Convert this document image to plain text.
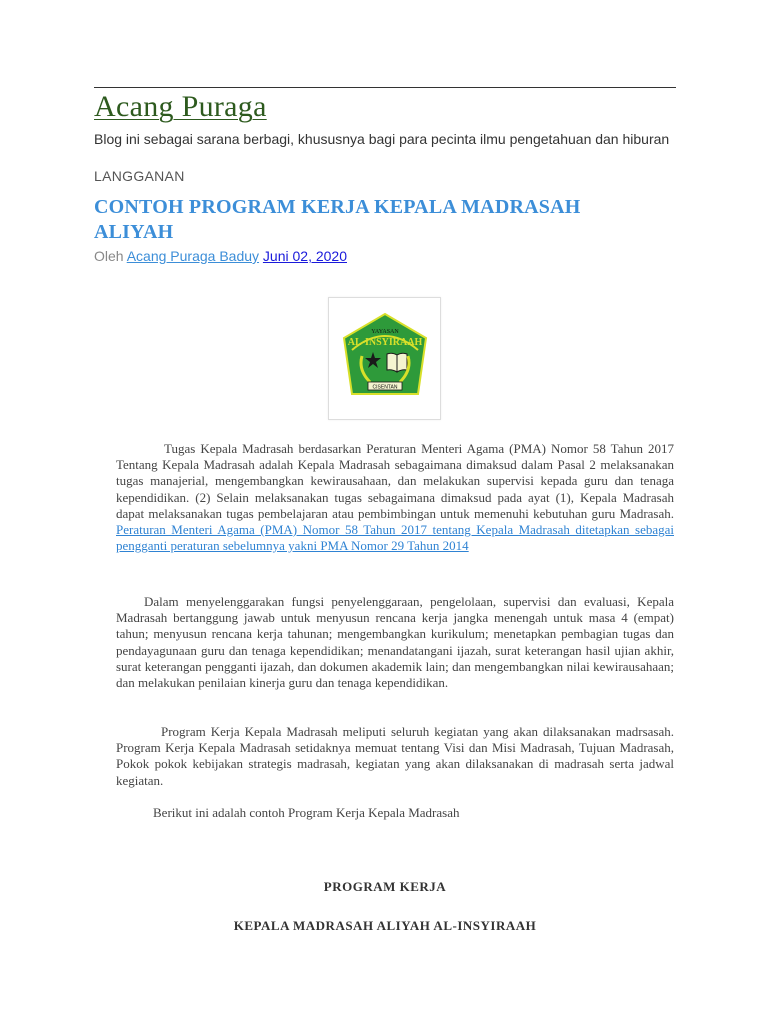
Acang Puraga
Blog ini sebagai sarana berbagi, khususnya bagi para pecinta ilmu pengetahuan dan hiburan
LANGGANAN
CONTOH PROGRAM KERJA KEPALA MADRASAH ALIYAH
Oleh Acang Puraga Baduy Juni 02, 2020
YAYASAN
AL-INSYIRAAH
CISENTAN

Tugas Kepala Madrasah berdasarkan Peraturan Menteri Agama (PMA) Nomor 58 Tahun 2017 Tentang Kepala Madrasah adalah Kepala Madrasah sebagaimana dimaksud dalam Pasal 2 melaksanakan tugas manajerial, mengembangkan kewirausahaan, dan melakukan supervisi kepada guru dan tenaga kependidikan. (2) Selain melaksanakan tugas sebagaimana dimaksud pada ayat (1), Kepala Madrasah dapat melaksanakan tugas pembelajaran atau pembimbingan untuk memenuhi kebutuhan guru Madrasah. Peraturan Menteri Agama (PMA) Nomor 58 Tahun 2017 tentang Kepala Madrasah ditetapkan sebagai pengganti peraturan sebelumnya yakni PMA Nomor 29 Tahun 2014

Dalam menyelenggarakan fungsi penyelenggaraan, pengelolaan, supervisi dan evaluasi, Kepala Madrasah bertanggung jawab untuk menyusun rencana kerja jangka menengah untuk masa 4 (empat) tahun; menyusun rencana kerja tahunan; mengembangkan kurikulum; menetapkan pembagian tugas dan pendayagunaan guru dan tenaga kependidikan; menandatangani ijazah, surat keterangan hasil ujian akhir, surat keterangan pengganti ijazah, dan dokumen akademik lain; dan mengembangkan nilai kewirausahaan; dan melakukan penilaian kinerja guru dan tenaga kependidikan.

Program Kerja Kepala Madrasah meliputi seluruh kegiatan yang akan dilaksanakan madrsasah. Program Kerja Kepala Madrasah setidaknya memuat tentang Visi dan Misi Madrasah, Tujuan Madrasah, Pokok pokok kebijakan strategis madrasah, kegiatan yang akan dilaksanakan di madrasah serta jadwal kegiatan.

Berikut ini adalah contoh Program Kerja Kepala Madrasah

PROGRAM KERJA

KEPALA MADRASAH ALIYAH AL-INSYIRAAH
